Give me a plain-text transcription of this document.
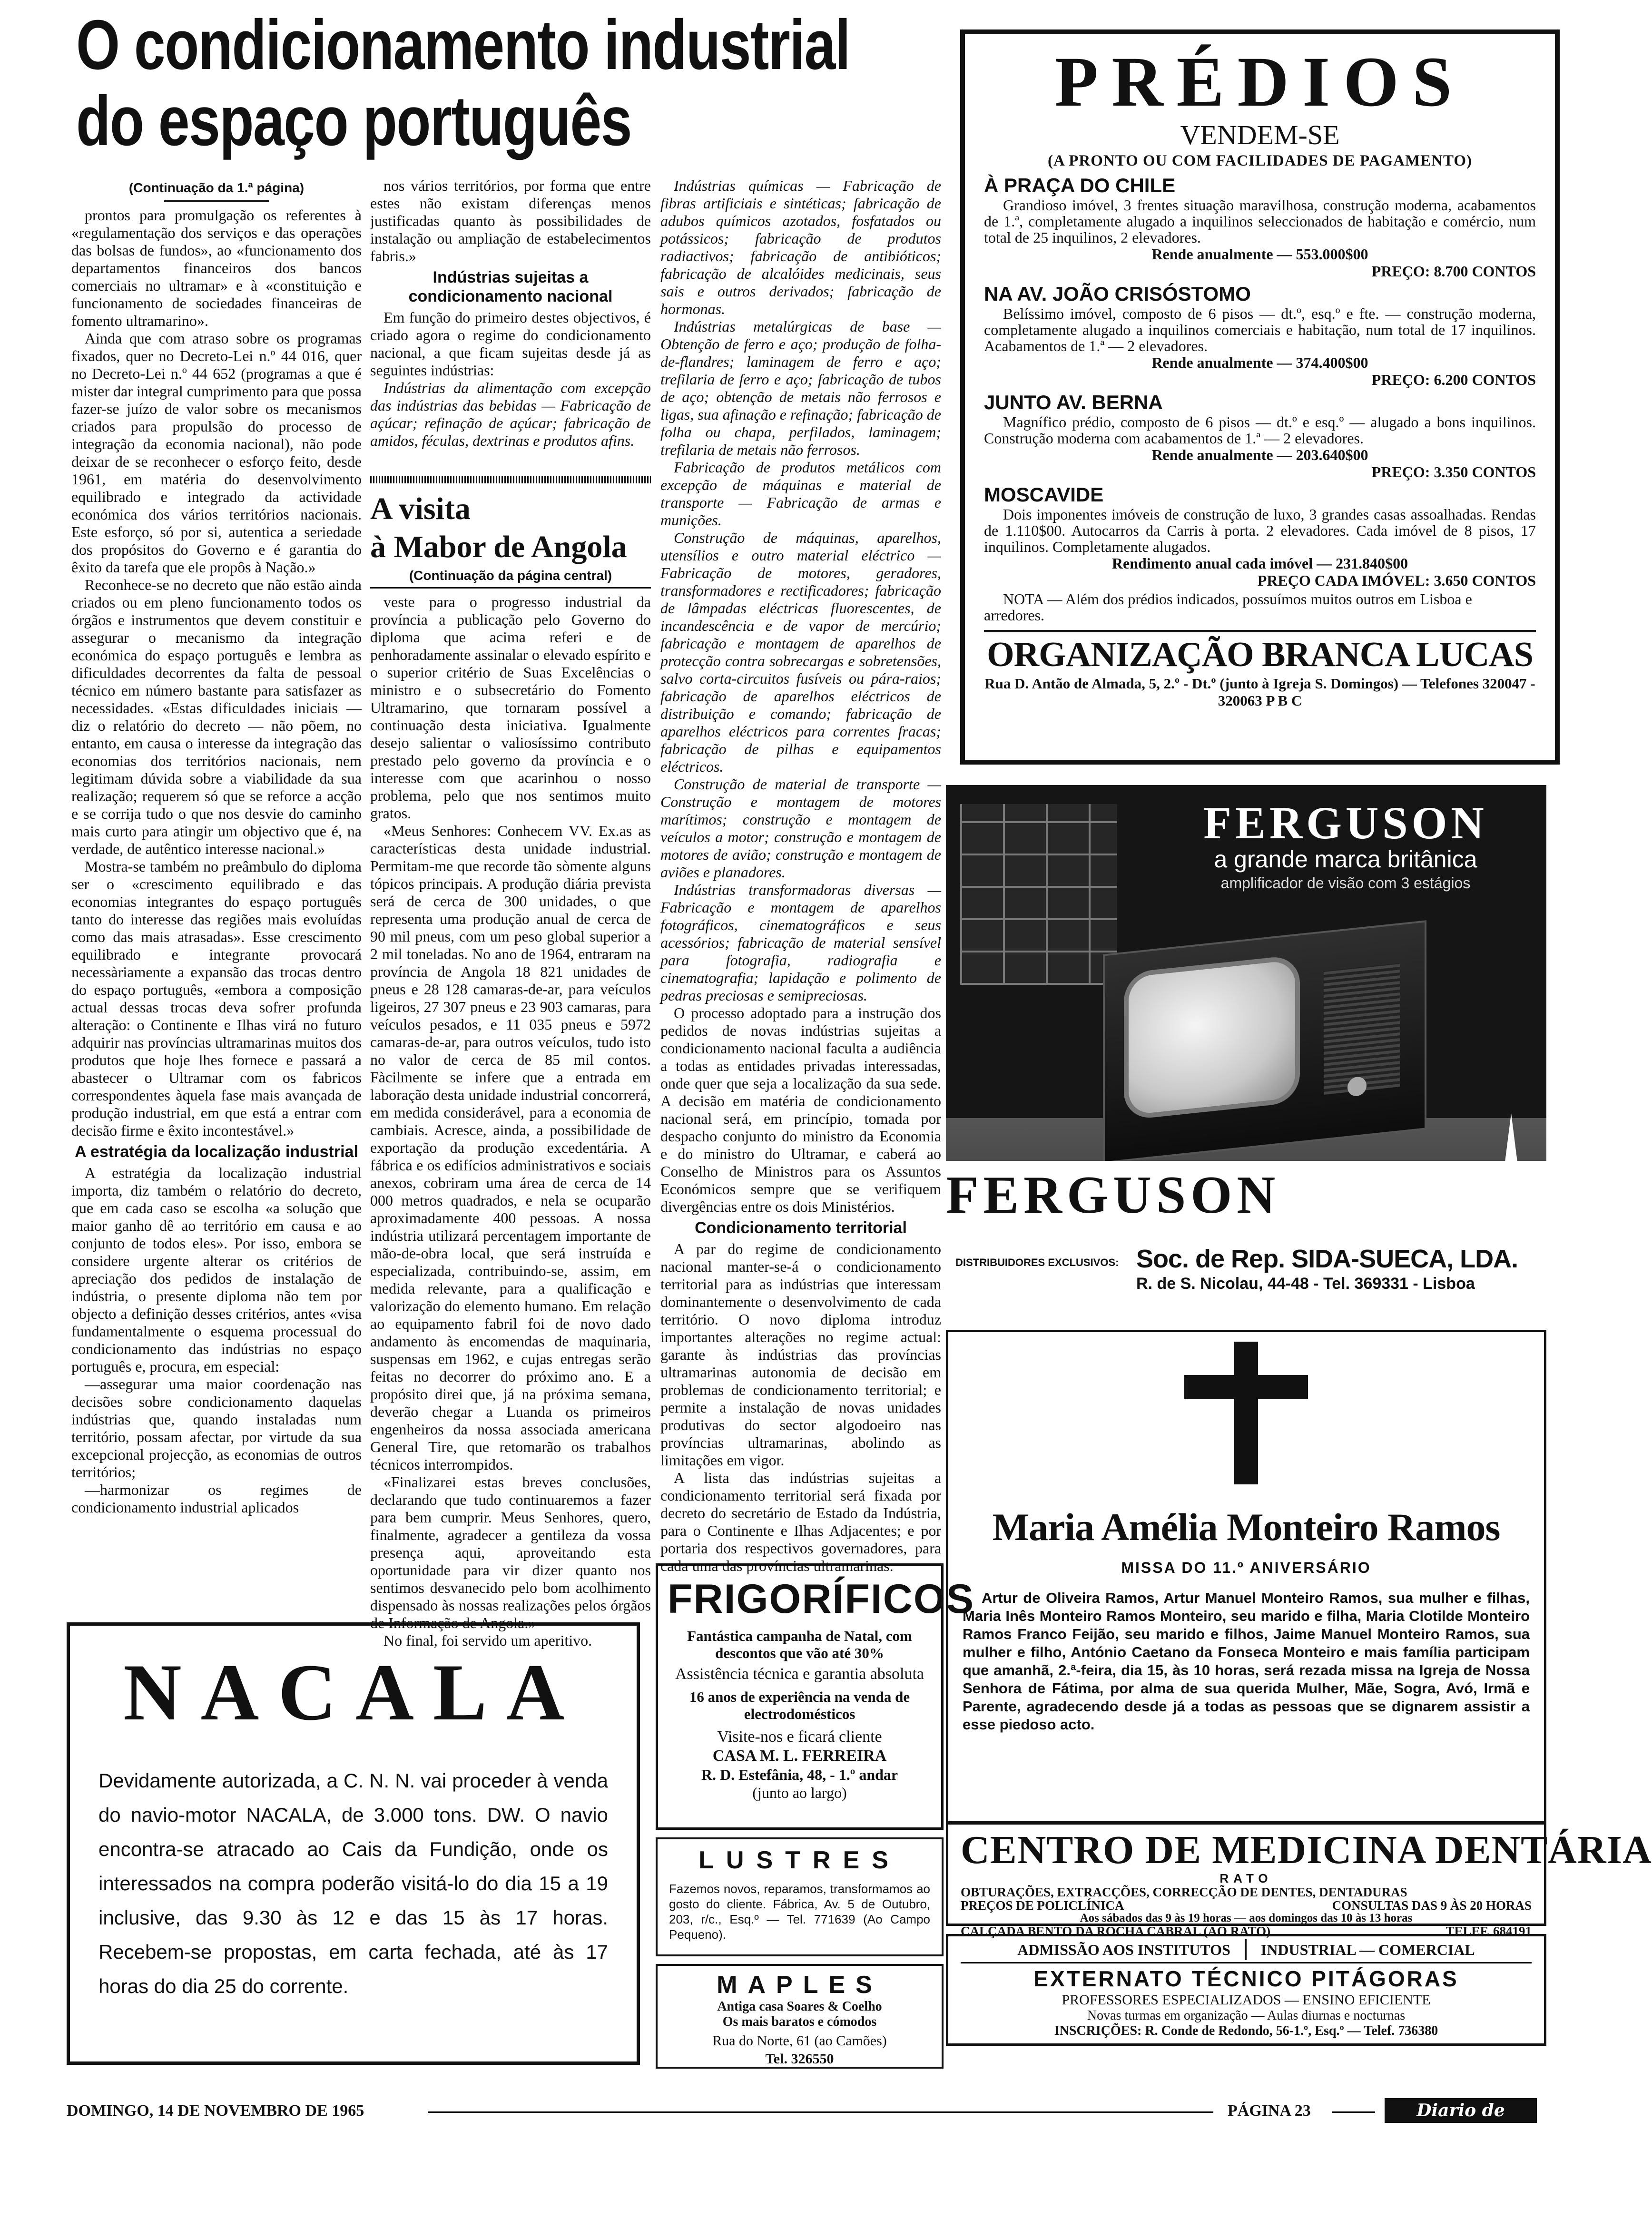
O condicionamento industrial
do espaço português
(Continuação da 1.ª página)

prontos para promulgação os referentes à «regulamentação dos serviços e das operações das bolsas de fundos», ao «funcionamento dos departamentos financeiros dos bancos comerciais no ultramar» e à «constituição e funcionamento de sociedades financeiras de fomento ultramarino».

Ainda que com atraso sobre os programas fixados, quer no Decreto-Lei n.º 44 016, quer no Decreto-Lei n.º 44 652 (programas a que é mister dar integral cumprimento para que possa fazer-se juízo de valor sobre os mecanismos criados para propulsão do processo de integração da economia nacional), não pode deixar de se reconhecer o esforço feito, desde 1961, em matéria do desenvolvimento equilibrado e integrado da actividade económica dos vários territórios nacionais. Este esforço, só por si, autentica a seriedade dos propósitos do Governo e é garantia do êxito da tarefa que ele propôs à Nação.»

Reconhece-se no decreto que não estão ainda criados ou em pleno funcionamento todos os órgãos e instrumentos que devem constituir e assegurar o mecanismo da integração económica do espaço português e lembra as dificuldades decorrentes da falta de pessoal técnico em número bastante para satisfazer as necessidades. «Estas dificuldades iniciais — diz o relatório do decreto — não põem, no entanto, em causa o interesse da integração das economias dos territórios nacionais, nem legitimam dúvida sobre a viabilidade da sua realização; requerem só que se reforce a acção e se corrija tudo o que nos desvie do caminho mais curto para atingir um objectivo que é, na verdade, de autêntico interesse nacional.»

Mostra-se também no preâmbulo do diploma ser o «crescimento equilibrado e das economias integrantes do espaço português tanto do interesse das regiões mais evoluídas como das mais atrasadas». Esse crescimento equilibrado e integrante provocará necessàriamente a expansão das trocas dentro do espaço português, «embora a composição actual dessas trocas deva sofrer profunda alteração: o Continente e Ilhas virá no futuro adquirir nas províncias ultramarinas muitos dos produtos que hoje lhes fornece e passará a abastecer o Ultramar com os fabricos correspondentes àquela fase mais avançada de produção industrial, em que está a entrar com decisão firme e êxito incontestável.»

A estratégia da localização industrial

A estratégia da localização industrial importa, diz também o relatório do decreto, que em cada caso se escolha «a solução que maior ganho dê ao território em causa e ao conjunto de todos eles». Por isso, embora se considere urgente alterar os critérios de apreciação dos pedidos de instalação de indústria, o presente diploma não tem por objecto a definição desses critérios, antes «visa fundamentalmente o esquema processual do condicionamento das indústrias no espaço português e, procura, em especial:

—assegurar uma maior coordenação nas decisões sobre condicionamento daquelas indústrias que, quando instaladas num território, possam afectar, por virtude da sua excepcional projecção, as economias de outros territórios;

—harmonizar os regimes de condicionamento industrial aplicados

nos vários territórios, por forma que entre estes não existam diferenças menos justificadas quanto às possibilidades de instalação ou ampliação de estabelecimentos fabris.»

Indústrias sujeitas a condicionamento nacional

Em função do primeiro destes objectivos, é criado agora o regime do condicionamento nacional, a que ficam sujeitas desde já as seguintes indústrias:

Indústrias da alimentação com excepção das indústrias das bebidas — Fabricação de açúcar; refinação de açúcar; fabricação de amidos, féculas, dextrinas e produtos afins.

A visita
à Mabor de Angola
(Continuação da página central)

veste para o progresso industrial da província a publicação pelo Governo do diploma que acima referi e de penhoradamente assinalar o elevado espírito e o superior critério de Suas Excelências o ministro e o subsecretário do Fomento Ultramarino, que tornaram possível a continuação desta iniciativa. Igualmente desejo salientar o valiosíssimo contributo prestado pelo governo da província e o interesse com que acarinhou o nosso problema, pelo que nos sentimos muito gratos.

«Meus Senhores: Conhecem VV. Ex.as as características desta unidade industrial. Permitam-me que recorde tão sòmente alguns tópicos principais. A produção diária prevista será de cerca de 300 unidades, o que representa uma produção anual de cerca de 90 mil pneus, com um peso global superior a 2 mil toneladas. No ano de 1964, entraram na província de Angola 18 821 unidades de pneus e 28 128 camaras-de-ar, para veículos ligeiros, 27 307 pneus e 23 903 camaras, para veículos pesados, e 11 035 pneus e 5972 camaras-de-ar, para outros veículos, tudo isto no valor de cerca de 85 mil contos. Fàcilmente se infere que a entrada em laboração desta unidade industrial concorrerá, em medida considerável, para a economia de cambiais. Acresce, ainda, a possibilidade de exportação da produção excedentária. A fábrica e os edifícios administrativos e sociais anexos, cobriram uma área de cerca de 14 000 metros quadrados, e nela se ocuparão aproximadamente 400 pessoas. A nossa indústria utilizará percentagem importante de mão-de-obra local, que será instruída e especializada, contribuindo-se, assim, em medida relevante, para a qualificação e valorização do elemento humano. Em relação ao equipamento fabril foi de novo dado andamento às encomendas de maquinaria, suspensas em 1962, e cujas entregas serão feitas no decorrer do próximo ano. E a propósito direi que, já na próxima semana, deverão chegar a Luanda os primeiros engenheiros da nossa associada americana General Tire, que retomarão os trabalhos técnicos interrompidos.

«Finalizarei estas breves conclusões, declarando que tudo continuaremos a fazer para bem cumprir. Meus Senhores, quero, finalmente, agradecer a gentileza da vossa presença aqui, aproveitando esta oportunidade para vir dizer quanto nos sentimos desvanecido pelo bom acolhimento dispensado às nossas realizações pelos órgãos de Informação de Angola.»

No final, foi servido um aperitivo.

Indústrias químicas — Fabricação de fibras artificiais e sintéticas; fabricação de adubos químicos azotados, fosfatados ou potássicos; fabricação de produtos radiactivos; fabricação de antibióticos; fabricação de alcalóides medicinais, seus sais e outros derivados; fabricação de hormonas.

Indústrias metalúrgicas de base — Obtenção de ferro e aço; produção de folha-de-flandres; laminagem de ferro e aço; trefilaria de ferro e aço; fabricação de tubos de aço; obtenção de metais não ferrosos e ligas, sua afinação e refinação; fabricação de folha ou chapa, perfilados, laminagem; trefilaria de metais não ferrosos.

Fabricação de produtos metálicos com excepção de máquinas e material de transporte — Fabricação de armas e munições.

Construção de máquinas, aparelhos, utensílios e outro material eléctrico — Fabricação de motores, geradores, transformadores e rectificadores; fabricação de lâmpadas eléctricas fluorescentes, de incandescência e de vapor de mercúrio; fabricação e montagem de aparelhos de protecção contra sobrecargas e sobretensões, salvo corta-circuitos fusíveis ou pára-raios; fabricação de aparelhos eléctricos de distribuição e comando; fabricação de aparelhos eléctricos para correntes fracas; fabricação de pilhas e equipamentos eléctricos.

Construção de material de transporte — Construção e montagem de motores marítimos; construção e montagem de veículos a motor; construção e montagem de motores de avião; construção e montagem de aviões e planadores.

Indústrias transformadoras diversas — Fabricação e montagem de aparelhos fotográficos, cinematográficos e seus acessórios; fabricação de material sensível para fotografia, radiografia e cinematografia; lapidação e polimento de pedras preciosas e semipreciosas.

O processo adoptado para a instrução dos pedidos de novas indústrias sujeitas a condicionamento nacional faculta a audiência a todas as entidades privadas interessadas, onde quer que seja a localização da sua sede. A decisão em matéria de condicionamento nacional será, em princípio, tomada por despacho conjunto do ministro da Economia e do ministro do Ultramar, e caberá ao Conselho de Ministros para os Assuntos Económicos sempre que se verifiquem divergências entre os dois Ministérios.

Condicionamento territorial

A par do regime de condicionamento nacional manter-se-á o condicionamento territorial para as indústrias que interessam dominantemente o desenvolvimento de cada território. O novo diploma introduz importantes alterações no regime actual: garante às indústrias das províncias ultramarinas autonomia de decisão em problemas de condicionamento territorial; e permite a instalação de novas unidades produtivas do sector algodoeiro nas províncias ultramarinas, abolindo as limitações em vigor.

A lista das indústrias sujeitas a condicionamento territorial será fixada por decreto do secretário de Estado da Indústria, para o Continente e Ilhas Adjacentes; e por portaria dos respectivos governadores, para cada uma das províncias ultramarinas.

NACALA
Devidamente autorizada, a C. N. N. vai proceder à venda do navio-motor NACALA, de 3.000 tons. DW. O navio encontra-se atracado ao Cais da Fundição, onde os interessados na compra poderão visitá-lo do dia 15 a 19 inclusive, das 9.30 às 12 e das 15 às 17 horas. Recebem-se propostas, em carta fechada, até às 17 horas do dia 25 do corrente.
FRIGORÍFICOS
Fantástica campanha de Natal, com descontos que vão até 30%
Assistência técnica e garantia absoluta
16 anos de experiência na venda de electrodomésticos
Visite-nos e ficará cliente
CASA M. L. FERREIRA
R. D. Estefânia, 48, - 1.º andar
(junto ao largo)
LUSTRES
Fazemos novos, reparamos, transformamos ao gosto do cliente. Fábrica, Av. 5 de Outubro, 203, r/c., Esq.º — Tel. 771639 (Ao Campo Pequeno).
MAPLES
Antiga casa Soares & Coelho
Os mais baratos e cómodos
Rua do Norte, 61 (ao Camões)
Tel. 326550
PRÉDIOS
VENDEM-SE
(A PRONTO OU COM FACILIDADES DE PAGAMENTO)
À PRAÇA DO CHILE
Grandioso imóvel, 3 frentes situação maravilhosa, construção moderna, acabamentos de 1.ª, completamente alugado a inquilinos seleccionados de habitação e comércio, num total de 25 inquilinos, 2 elevadores.
Rende anualmente — 553.000$00
PREÇO: 8.700 CONTOS
NA AV. JOÃO CRISÓSTOMO
Belíssimo imóvel, composto de 6 pisos — dt.º, esq.º e fte. — construção moderna, completamente alugado a inquilinos comerciais e habitação, num total de 17 inquilinos. Acabamentos de 1.ª — 2 elevadores.
Rende anualmente — 374.400$00
PREÇO: 6.200 CONTOS
JUNTO AV. BERNA
Magnífico prédio, composto de 6 pisos — dt.º e esq.º — alugado a bons inquilinos. Construção moderna com acabamentos de 1.ª — 2 elevadores.
Rende anualmente — 203.640$00
PREÇO: 3.350 CONTOS
MOSCAVIDE
Dois imponentes imóveis de construção de luxo, 3 grandes casas assoalhadas. Rendas de 1.110$00. Autocarros da Carris à porta. 2 elevadores. Cada imóvel de 8 pisos, 17 inquilinos. Completamente alugados.
Rendimento anual cada imóvel — 231.840$00
PREÇO CADA IMÓVEL: 3.650 CONTOS
NOTA — Além dos prédios indicados, possuímos muitos outros em Lisboa e arredores.
ORGANIZAÇÃO BRANCA LUCAS
Rua D. Antão de Almada, 5, 2.º - Dt.º (junto à Igreja S. Domingos) — Telefones 320047 - 320063 P B C
FERGUSON
a grande marca britânica
amplificador de visão com 3 estágios
FERGUSON
DISTRIBUIDORES EXCLUSIVOS: Soc. de Rep. SIDA-SUECA, LDA.
R. de S. Nicolau, 44-48 - Tel. 369331 - Lisboa
Maria Amélia Monteiro Ramos
MISSA DO 11.º ANIVERSÁRIO
Artur de Oliveira Ramos, Artur Manuel Monteiro Ramos, sua mulher e filhas, Maria Inês Monteiro Ramos Monteiro, seu marido e filha, Maria Clotilde Monteiro Ramos Franco Feijão, seu marido e filhos, Jaime Manuel Monteiro Ramos, sua mulher e filho, António Caetano da Fonseca Monteiro e mais família participam que amanhã, 2.ª-feira, dia 15, às 10 horas, será rezada missa na Igreja de Nossa Senhora de Fátima, por alma de sua querida Mulher, Mãe, Sogra, Avó, Irmã e Parente, agradecendo desde já a todas as pessoas que se dignarem assistir a esse piedoso acto.
CENTRO DE MEDICINA DENTÁRIA
RATO
OBTURAÇÕES, EXTRACÇÕES, CORRECÇÃO DE DENTES, DENTADURAS
PREÇOS DE POLICLÍNICA	CONSULTAS DAS 9 ÀS 20 HORAS
Aos sábados das 9 às 19 horas — aos domingos das 10 às 13 horas
CALÇADA BENTO DA ROCHA CABRAL (AO RATO)	TELEF. 684191
ADMISSÃO AOS INSTITUTOS	INDUSTRIAL — COMERCIAL
EXTERNATO TÉCNICO PITÁGORAS
PROFESSORES ESPECIALIZADOS — ENSINO EFICIENTE
Novas turmas em organização — Aulas diurnas e nocturnas
INSCRIÇÕES: R. Conde de Redondo, 56-1.º, Esq.º — Telef. 736380
DOMINGO, 14 DE NOVEMBRO DE 1965	PÁGINA 23	Diario de Lisboa
